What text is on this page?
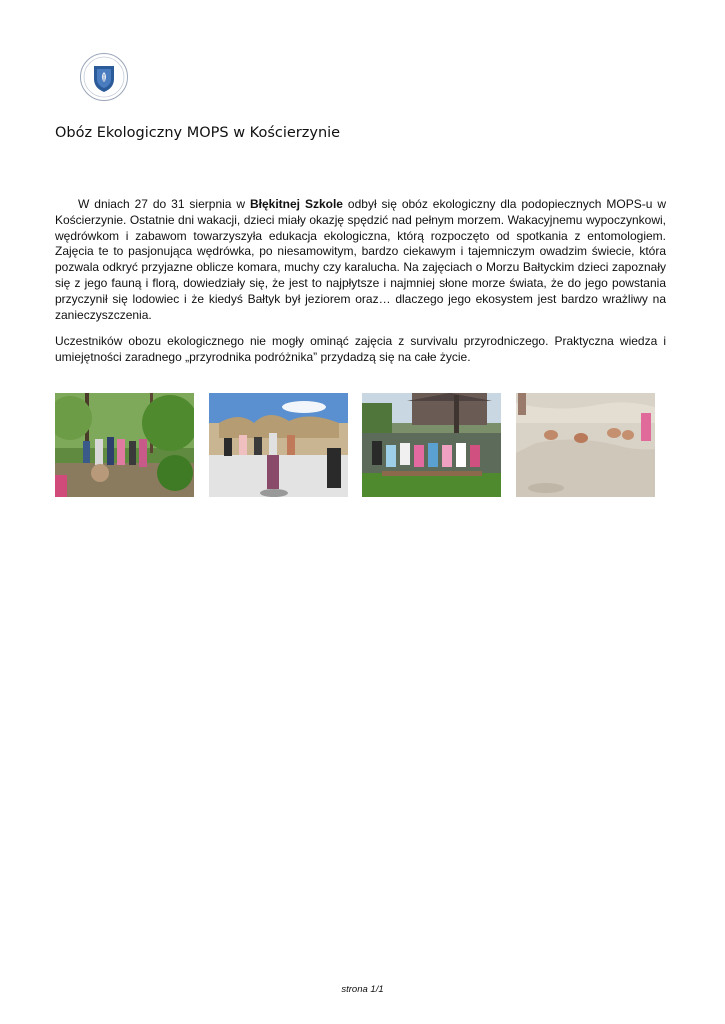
Obóz Ekologiczny MOPS w Kościerzynie

W dniach 27 do 31 sierpnia w Błękitnej Szkole odbył się obóz ekologiczny dla podopiecznych MOPS-u w Kościerzynie. Ostatnie dni wakacji, dzieci miały okazję spędzić nad pełnym morzem. Wakacyjnemu wypoczynkowi, wędrówkom i zabawom towarzyszyła edukacja ekologiczna, którą rozpoczęto od spotkania z entomologiem. Zajęcia te to pasjonująca wędrówka, po niesamowitym, bardzo ciekawym i tajemniczym owadzim świecie, która pozwala odkryć przyjazne oblicze komara, muchy czy karalucha. Na zajęciach o Morzu Bałtyckim dzieci zapoznały się z jego fauną i florą, dowiedziały się, że jest to najpłytsze i najmniej słone morze świata, że do jego powstania przyczynił się lodowiec i że kiedyś Bałtyk był jeziorem oraz… dlaczego jego ekosystem jest bardzo wrażliwy na zanieczyszczenia.

Uczestników obozu ekologicznego nie mogły ominąć zajęcia z survivalu przyrodniczego. Praktyczna wiedza i umiejętności zaradnego „przyrodnika podróżnika” przydadzą się na całe życie.

strona 1/1
